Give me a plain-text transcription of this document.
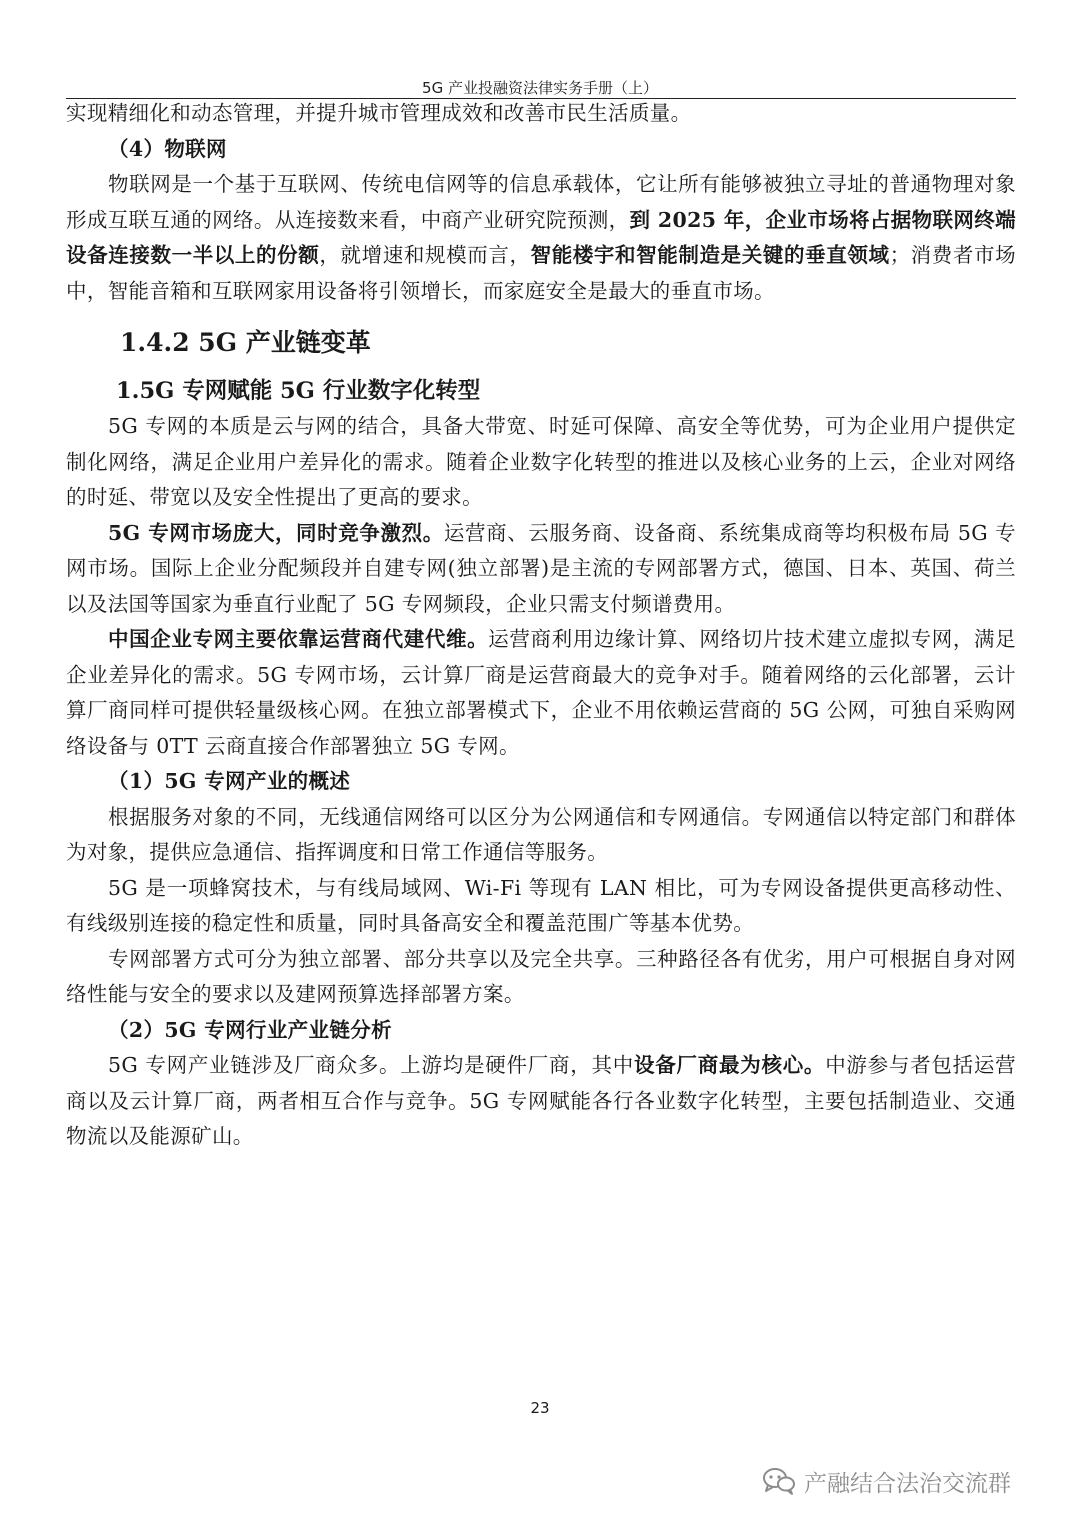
5G 产业投融资法律实务手册（上）

实现精细化和动态管理，并提升城市管理成效和改善市民生活质量。

（4）物联网

物联网是一个基于互联网、传统电信网等的信息承载体，它让所有能够被独立寻址的普通物理对象形成互联互通的网络。从连接数来看，中商产业研究院预测，到 2025 年，企业市场将占据物联网终端设备连接数一半以上的份额，就增速和规模而言，智能楼宇和智能制造是关键的垂直领域；消费者市场中，智能音箱和互联网家用设备将引领增长，而家庭安全是最大的垂直市场。

1.4.2 5G 产业链变革

1.5G 专网赋能 5G 行业数字化转型

5G 专网的本质是云与网的结合，具备大带宽、时延可保障、高安全等优势，可为企业用户提供定制化网络，满足企业用户差异化的需求。随着企业数字化转型的推进以及核心业务的上云，企业对网络的时延、带宽以及安全性提出了更高的要求。

5G 专网市场庞大，同时竞争激烈。运营商、云服务商、设备商、系统集成商等均积极布局 5G 专网市场。国际上企业分配频段并自建专网(独立部署)是主流的专网部署方式，德国、日本、英国、荷兰以及法国等国家为垂直行业配了 5G 专网频段，企业只需支付频谱费用。

中国企业专网主要依靠运营商代建代维。运营商利用边缘计算、网络切片技术建立虚拟专网，满足企业差异化的需求。5G 专网市场，云计算厂商是运营商最大的竞争对手。随着网络的云化部署，云计算厂商同样可提供轻量级核心网。在独立部署模式下，企业不用依赖运营商的 5G 公网，可独自采购网络设备与 0TT 云商直接合作部署独立 5G 专网。

（1）5G 专网产业的概述

根据服务对象的不同，无线通信网络可以区分为公网通信和专网通信。专网通信以特定部门和群体为对象，提供应急通信、指挥调度和日常工作通信等服务。

5G 是一项蜂窝技术，与有线局域网、Wi-Fi 等现有 LAN 相比，可为专网设备提供更高移动性、有线级别连接的稳定性和质量，同时具备高安全和覆盖范围广等基本优势。

专网部署方式可分为独立部署、部分共享以及完全共享。三种路径各有优劣，用户可根据自身对网络性能与安全的要求以及建网预算选择部署方案。

（2）5G 专网行业产业链分析

5G 专网产业链涉及厂商众多。上游均是硬件厂商，其中设备厂商最为核心。中游参与者包括运营商以及云计算厂商，两者相互合作与竞争。5G 专网赋能各行各业数字化转型，主要包括制造业、交通物流以及能源矿山。

23
产融结合法治交流群
